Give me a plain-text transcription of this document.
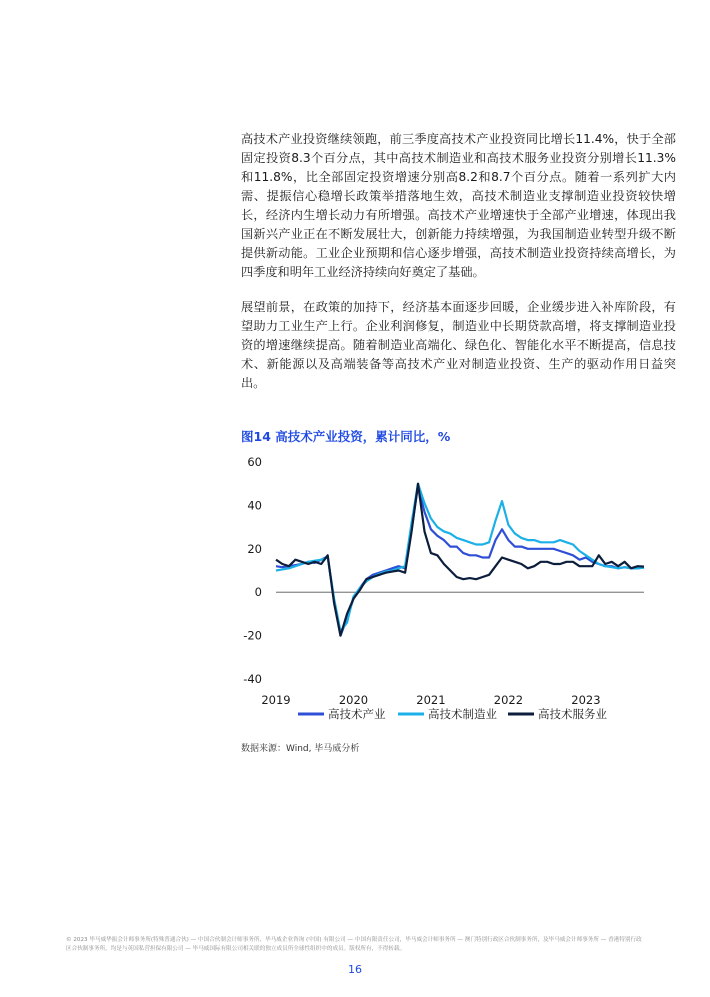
高技术产业投资继续领跑，前三季度高技术产业投资同比增长11.4%，快于全部固定投资8.3个百分点，其中高技术制造业和高技术服务业投资分别增长11.3%和11.8%，比全部固定投资增速分别高8.2和8.7个百分点。随着一系列扩大内需、提振信心稳增长政策举措落地生效，高技术制造业支撑制造业投资较快增长，经济内生增长动力有所增强。高技术产业增速快于全部产业增速，体现出我国新兴产业正在不断发展壮大，创新能力持续增强，为我国制造业转型升级不断提供新动能。工业企业预期和信心逐步增强，高技术制造业投资持续高增长，为四季度和明年工业经济持续向好奠定了基础。

展望前景，在政策的加持下，经济基本面逐步回暖，企业缓步进入补库阶段，有望助力工业生产上行。企业利润修复，制造业中长期贷款高增，将支撑制造业投资的增速继续提高。随着制造业高端化、绿色化、智能化水平不断提高，信息技术、新能源以及高端装备等高技术产业对制造业投资、生产的驱动作用日益突出。

图14 高技术产业投资，累计同比，%
60
40
20
0
-20
-40
2019	2020	2021	2022	2023
高技术产业	高技术制造业	高技术服务业
数据来源：Wind, 毕马威分析
© 2023 毕马威华振会计师事务所(特殊普通合伙) — 中国合伙制会计师事务所，毕马威企业咨询 (中国) 有限公司 — 中国有限责任公司，毕马威会计师事务所 — 澳门特别行政区合伙制事务所，及毕马威会计师事务所 — 香港特别行政区合伙制事务所，均是与英国私营担保有限公司 — 毕马威国际有限公司相关联的独立成员所全球性组织中的成员。版权所有，不得转载。
16
